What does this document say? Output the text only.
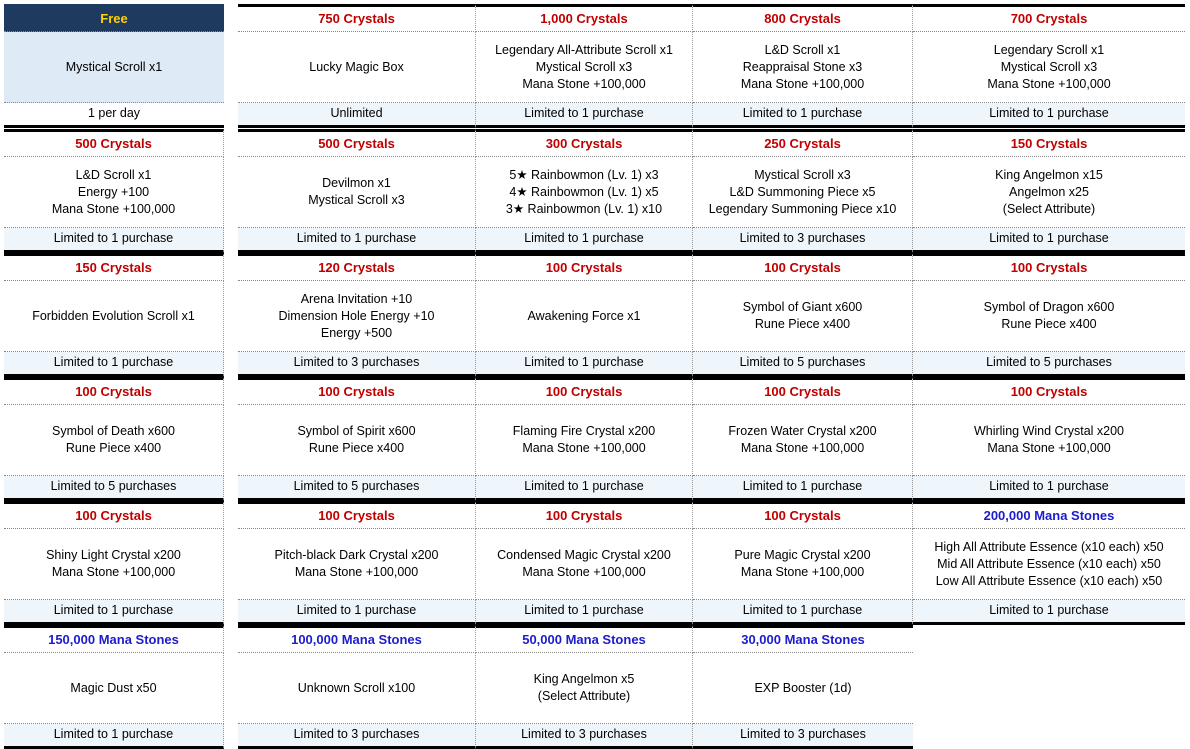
Free
Mystical Scroll x1
1 per day
750 Crystals
Lucky Magic Box
Unlimited
1,000 Crystals
Legendary All-Attribute Scroll x1
Mystical Scroll x3
Mana Stone +100,000
Limited to 1 purchase
800 Crystals
L&D Scroll x1
Reappraisal Stone x3
Mana Stone +100,000
Limited to 1 purchase
700 Crystals
Legendary Scroll x1
Mystical Scroll x3
Mana Stone +100,000
Limited to 1 purchase
500 Crystals
L&D Scroll x1
Energy +100
Mana Stone +100,000
Limited to 1 purchase
500 Crystals
Devilmon x1
Mystical Scroll x3
Limited to 1 purchase
300 Crystals
5★ Rainbowmon (Lv. 1) x3
4★ Rainbowmon (Lv. 1) x5
3★ Rainbowmon (Lv. 1) x10
Limited to 1 purchase
250 Crystals
Mystical Scroll x3
L&D Summoning Piece x5
Legendary Summoning Piece x10
Limited to 3 purchases
150 Crystals
King Angelmon x15
Angelmon x25
(Select Attribute)
Limited to 1 purchase
150 Crystals
Forbidden Evolution Scroll x1
Limited to 1 purchase
120 Crystals
Arena Invitation +10
Dimension Hole Energy +10
Energy +500
Limited to 3 purchases
100 Crystals
Awakening Force x1
Limited to 1 purchase
100 Crystals
Symbol of Giant x600
Rune Piece x400
Limited to 5 purchases
100 Crystals
Symbol of Dragon x600
Rune Piece x400
Limited to 5 purchases
100 Crystals
Symbol of Death x600
Rune Piece x400
Limited to 5 purchases
100 Crystals
Symbol of Spirit x600
Rune Piece x400
Limited to 5 purchases
100 Crystals
Flaming Fire Crystal x200
Mana Stone +100,000
Limited to 1 purchase
100 Crystals
Frozen Water Crystal x200
Mana Stone +100,000
Limited to 1 purchase
100 Crystals
Whirling Wind Crystal x200
Mana Stone +100,000
Limited to 1 purchase
100 Crystals
Shiny Light Crystal x200
Mana Stone +100,000
Limited to 1 purchase
100 Crystals
Pitch-black Dark Crystal x200
Mana Stone +100,000
Limited to 1 purchase
100 Crystals
Condensed Magic Crystal x200
Mana Stone +100,000
Limited to 1 purchase
100 Crystals
Pure Magic Crystal x200
Mana Stone +100,000
Limited to 1 purchase
200,000 Mana Stones
High All Attribute Essence (x10 each) x50
Mid All Attribute Essence (x10 each) x50
Low All Attribute Essence (x10 each) x50
Limited to 1 purchase
150,000 Mana Stones
Magic Dust x50
Limited to 1 purchase
100,000 Mana Stones
Unknown Scroll x100
Limited to 3 purchases
50,000 Mana Stones
King Angelmon x5
(Select Attribute)
Limited to 3 purchases
30,000 Mana Stones
EXP Booster (1d)
Limited to 3 purchases
